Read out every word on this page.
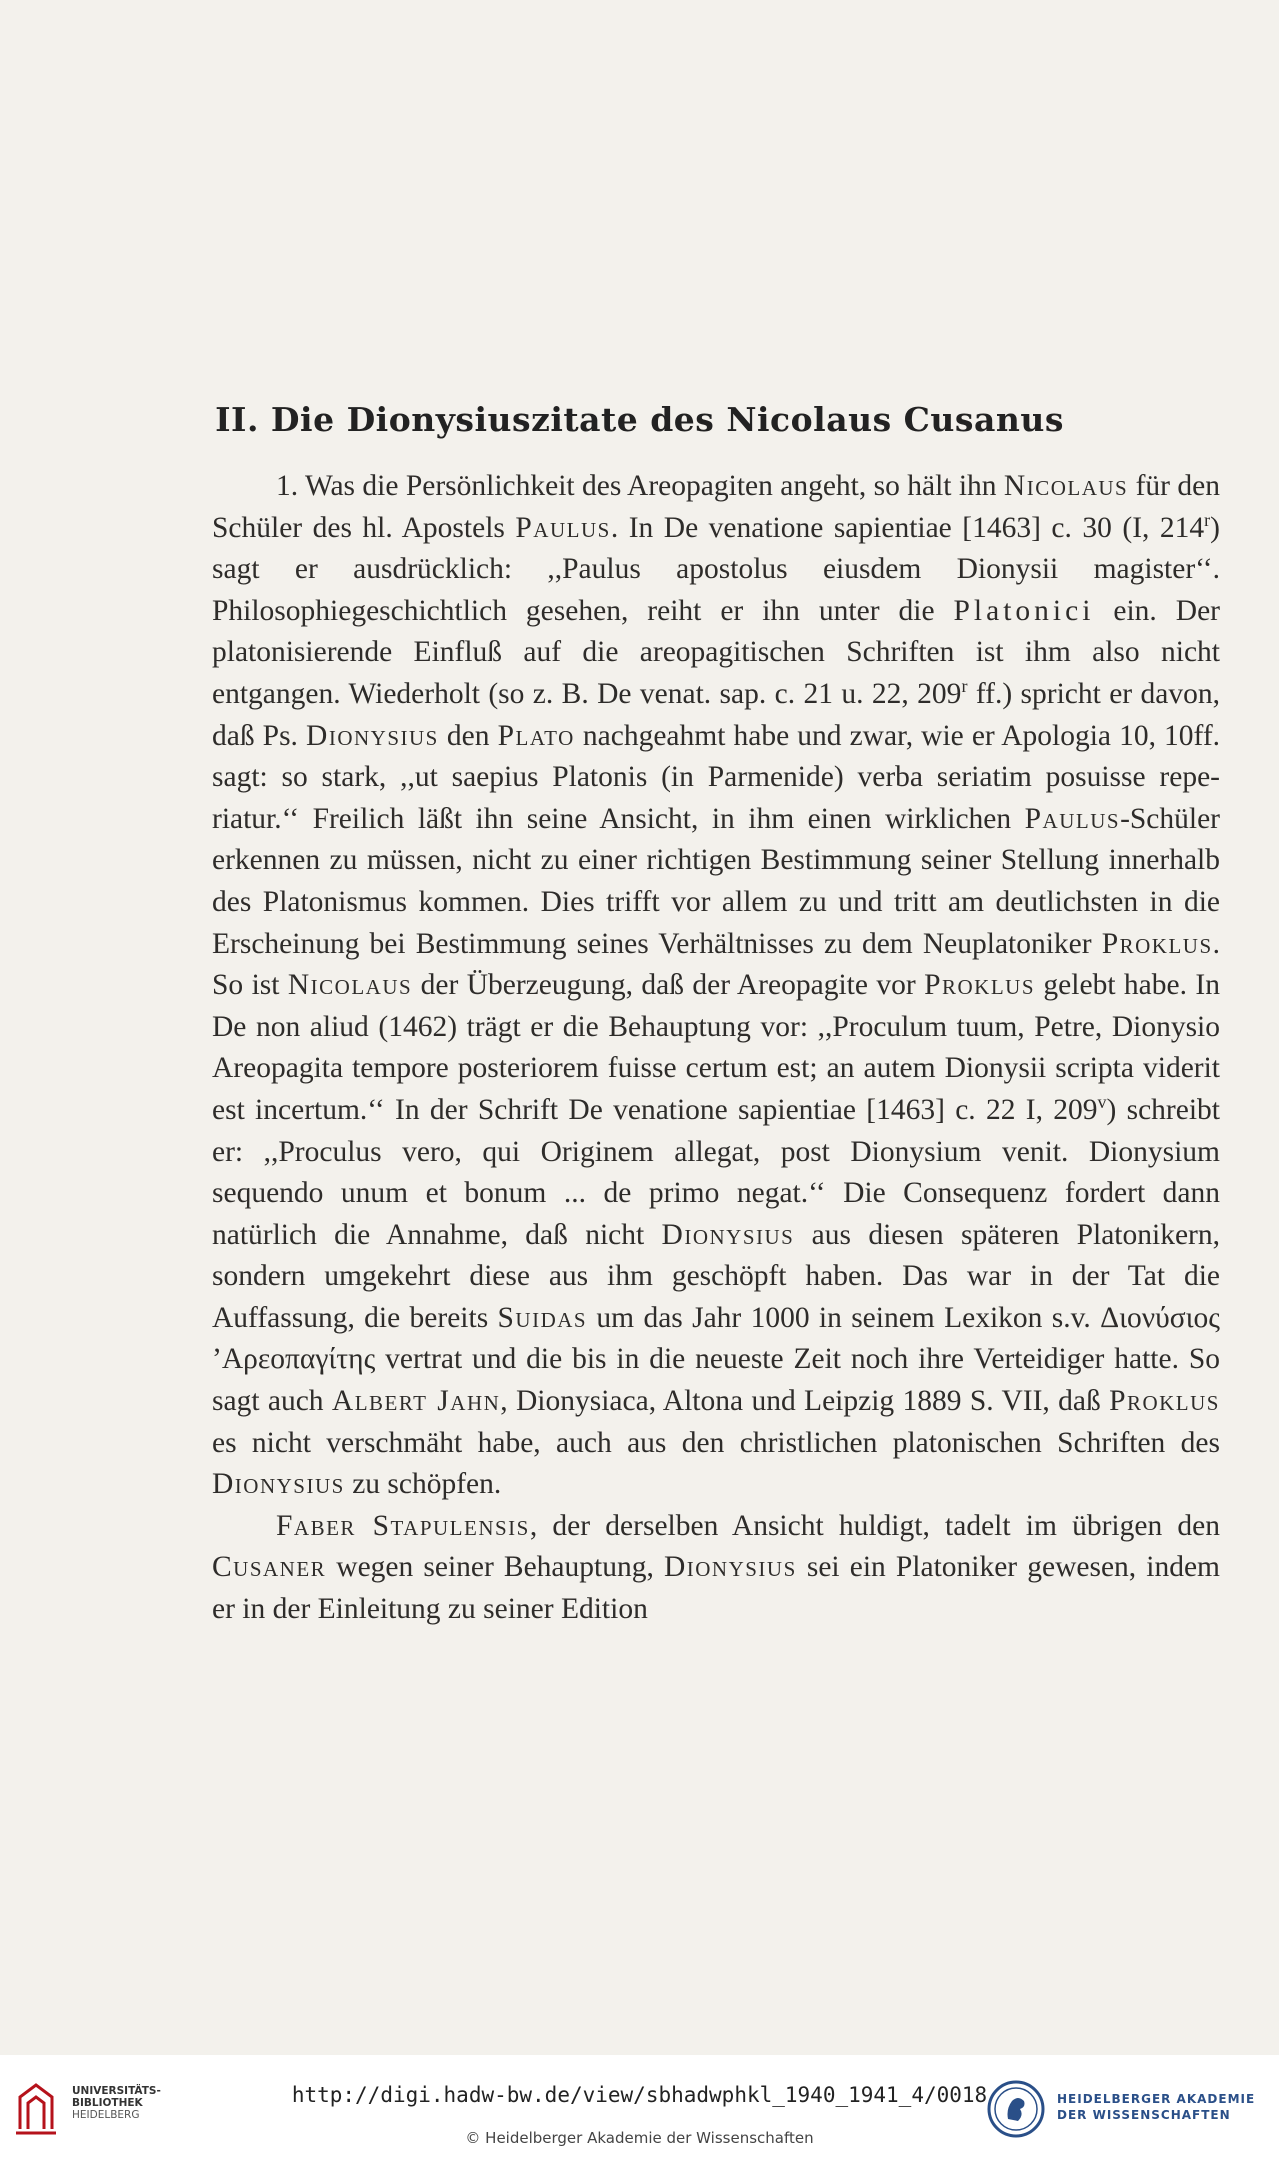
II. Die Dionysiuszitate des Nicolaus Cusanus

1. Was die Persönlichkeit des Areopagiten angeht, so hält ihn Nicolaus für den Schüler des hl. Apostels Paulus. In De venatione sapientiae [1463] c. 30 (I, 214$^r$) sagt er ausdrücklich: ,,Paulus apostolus eiusdem Dionysii magister‘‘. Philosophiegeschichtlich gesehen, reiht er ihn unter die Platonici ein. Der platonisierende Einfluß auf die areopagitischen Schriften ist ihm also nicht entgangen. Wiederholt (so z. B. De venat. sap. c. 21 u. 22, 209$^r$ ff.) spricht er davon, daß Ps. Dionysius den Plato nachgeahmt habe und zwar, wie er Apologia 10, 10ff. sagt: so stark, ,,ut saepius Platonis (in Parmenide) verba seriatim posuisse reperiatur.‘‘ Freilich läßt ihn seine Ansicht, in ihm einen wirklichen Paulus-Schüler erkennen zu müssen, nicht zu einer richtigen Bestimmung seiner Stellung innerhalb des Platonismus kommen. Dies trifft vor allem zu und tritt am deutlichsten in die Erscheinung bei Bestimmung seines Verhältnisses zu dem Neuplatoniker Proklus. So ist Nicolaus der Überzeugung, daß der Areopagite vor Proklus gelebt habe. In De non aliud (1462) trägt er die Behauptung vor: ,,Proculum tuum, Petre, Dionysio Areopagita tempore posteriorem fuisse certum est; an autem Dionysii scripta viderit est incertum.‘‘ In der Schrift De venatione sapientiae [1463] c. 22 I, 209$^v$) schreibt er: ,,Proculus vero, qui Originem allegat, post Dionysium venit. Dionysium sequendo unum et bonum ... de primo negat.‘‘ Die Consequenz fordert dann natürlich die Annahme, daß nicht Dionysius aus diesen späteren Platonikern, sondern umgekehrt diese aus ihm geschöpft haben. Das war in der Tat die Auffassung, die bereits Suidas um das Jahr 1000 in seinem Lexikon s.v. Διονύσιος ’Αρεοπαγίτης vertrat und die bis in die neueste Zeit noch ihre Verteidiger hatte. So sagt auch Albert Jahn, Dionysiaca, Altona und Leipzig 1889 S. VII, daß Proklus es nicht verschmäht habe, auch aus den christlichen platonischen Schriften des Dionysius zu schöpfen.

Faber Stapulensis, der derselben Ansicht huldigt, tadelt im übrigen den Cusaner wegen seiner Behauptung, Dionysius sei ein Platoniker gewesen, indem er in der Einleitung zu seiner Edition

UNIVERSITÄTS-
BIBLIOTHEK
HEIDELBERG
http://digi.hadw-bw.de/view/sbhadwphkl_1940_1941_4/0018
© Heidelberger Akademie der Wissenschaften
HEIDELBERGER AKADEMIE
DER WISSENSCHAFTEN
